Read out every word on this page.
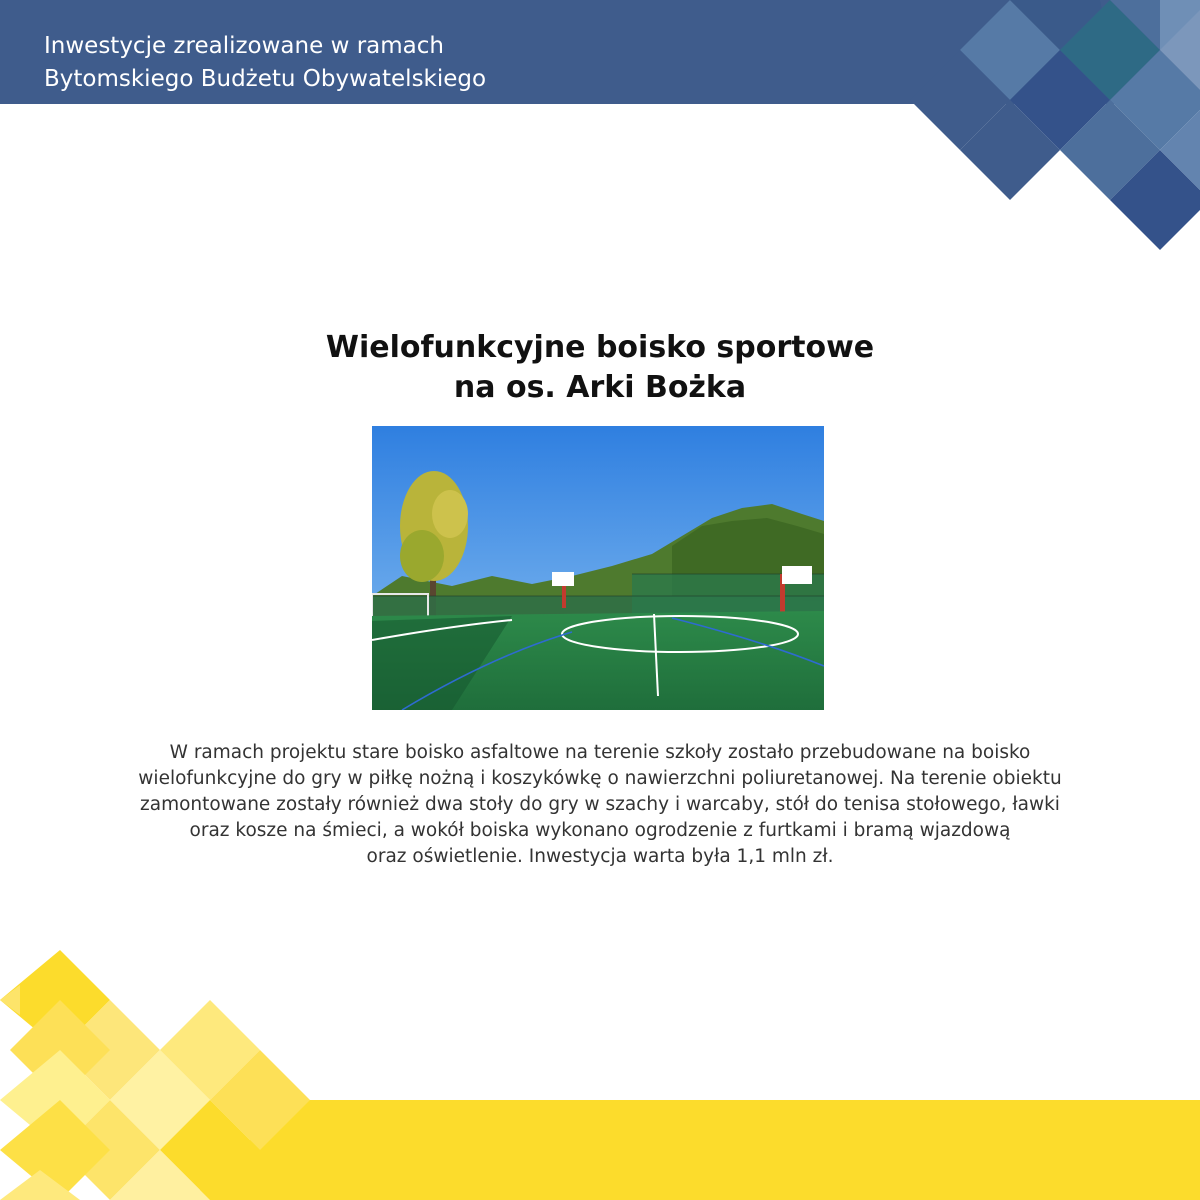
Inwestycje zrealizowane w ramach
Bytomskiego Budżetu Obywatelskiego
Wielofunkcyjne boisko sportowe
na os. Arki Bożka

W ramach projektu stare boisko asfaltowe na terenie szkoły zostało przebudowane na boisko
wielofunkcyjne do gry w piłkę nożną i koszykówkę o nawierzchni poliuretanowej. Na terenie obiektu
zamontowane zostały również dwa stoły do gry w szachy i warcaby, stół do tenisa stołowego, ławki
oraz kosze na śmieci, a wokół boiska wykonano ogrodzenie z furtkami i bramą wjazdową
oraz oświetlenie. Inwestycja warta była 1,1 mln zł.
